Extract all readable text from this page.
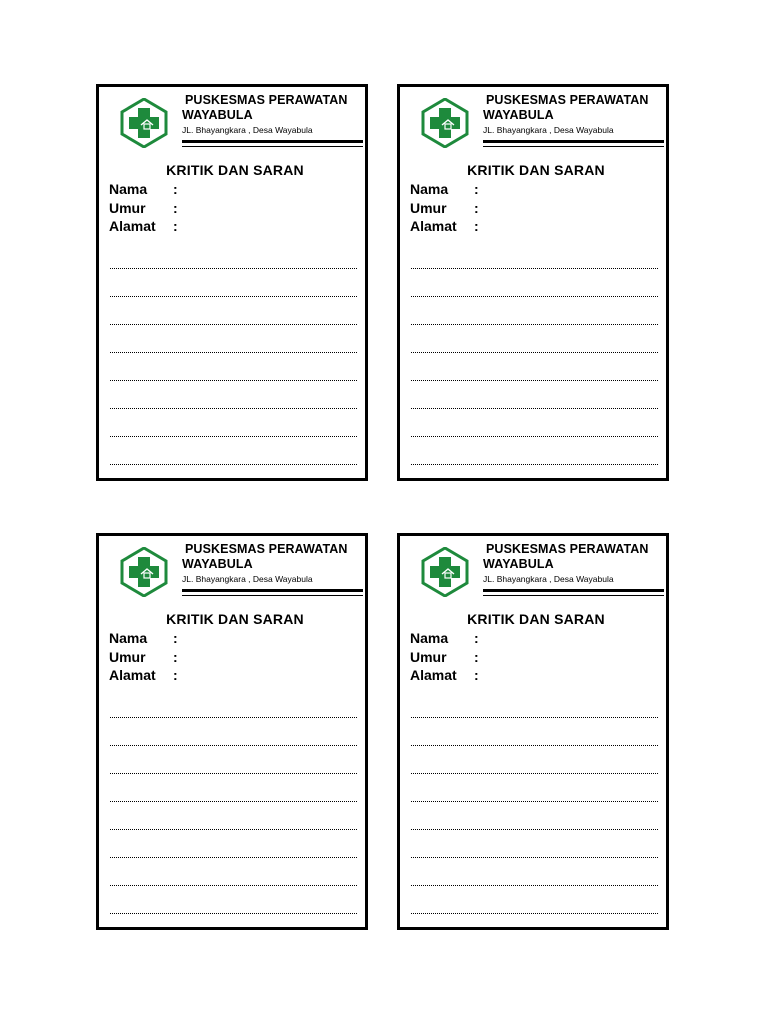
PUSKESMAS PERAWATAN
WAYABULA
JL. Bhayangkara , Desa Wayabula
KRITIK DAN SARAN
Nama :
Umur :
Alamat :
PUSKESMAS PERAWATAN
WAYABULA
JL. Bhayangkara , Desa Wayabula
KRITIK DAN SARAN
Nama :
Umur :
Alamat :
PUSKESMAS PERAWATAN
WAYABULA
JL. Bhayangkara , Desa Wayabula
KRITIK DAN SARAN
Nama :
Umur :
Alamat :
PUSKESMAS PERAWATAN
WAYABULA
JL. Bhayangkara , Desa Wayabula
KRITIK DAN SARAN
Nama :
Umur :
Alamat :
